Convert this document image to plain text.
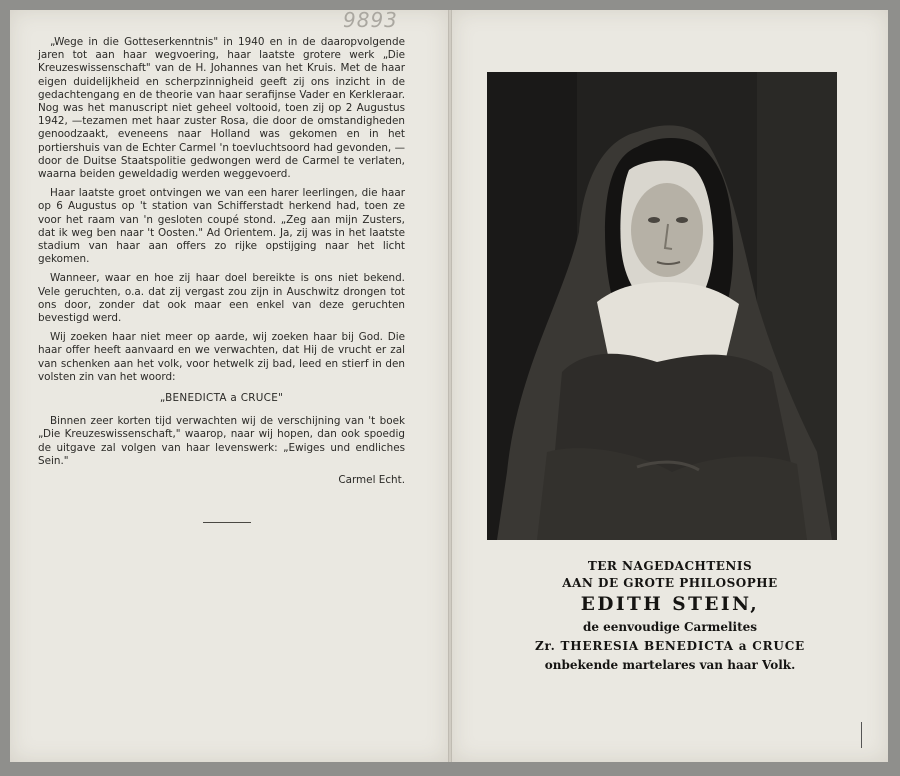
9893

„Wege in die Gotteserkenntnis" in 1940 en in de daaropvolgende jaren tot aan haar wegvoering, haar laatste grotere werk „Die Kreuzeswissenschaft" van de H. Johannes van het Kruis. Met de haar eigen duidelijkheid en scherpzinnigheid geeft zij ons inzicht in de gedachtengang en de theorie van haar serafijnse Vader en Kerkleraar. Nog was het manuscript niet geheel voltooid, toen zij op 2 Augustus 1942, —tezamen met haar zuster Rosa, die door de omstandigheden genoodzaakt, eveneens naar Holland was gekomen en in het portiershuis van de Echter Carmel 'n toevluchtsoord had gevonden, — door de Duitse Staatspolitie gedwongen werd de Carmel te verlaten, waarna beiden geweldadig werden weggevoerd.

Haar laatste groet ontvingen we van een harer leerlingen, die haar op 6 Augustus op 't station van Schifferstadt herkend had, toen ze voor het raam van 'n gesloten coupé stond. „Zeg aan mijn Zusters, dat ik weg ben naar 't Oosten." Ad Orientem. Ja, zij was in het laatste stadium van haar aan offers zo rijke opstijging naar het licht gekomen.

Wanneer, waar en hoe zij haar doel bereikte is ons niet bekend. Vele geruchten, o.a. dat zij vergast zou zijn in Auschwitz drongen tot ons door, zonder dat ook maar een enkel van deze geruchten bevestigd werd.

Wij zoeken haar niet meer op aarde, wij zoeken haar bij God. Die haar offer heeft aanvaard en we verwachten, dat Hij de vrucht er zal van schenken aan het volk, voor hetwelk zij bad, leed en stierf in den volsten zin van het woord:

„BENEDICTA a CRUCE"

Binnen zeer korten tijd verwachten wij de verschijning van 't boek „Die Kreuzeswissenschaft," waarop, naar wij hopen, dan ook spoedig de uitgave zal volgen van haar levenswerk: „Ewiges und endliches Sein."

Carmel Echt.

TER NAGEDACHTENIS
AAN DE GROTE PHILOSOPHE
EDITH STEIN,
de eenvoudige Carmelites
Zr. THERESIA BENEDICTA a CRUCE
onbekende martelares van haar Volk.
